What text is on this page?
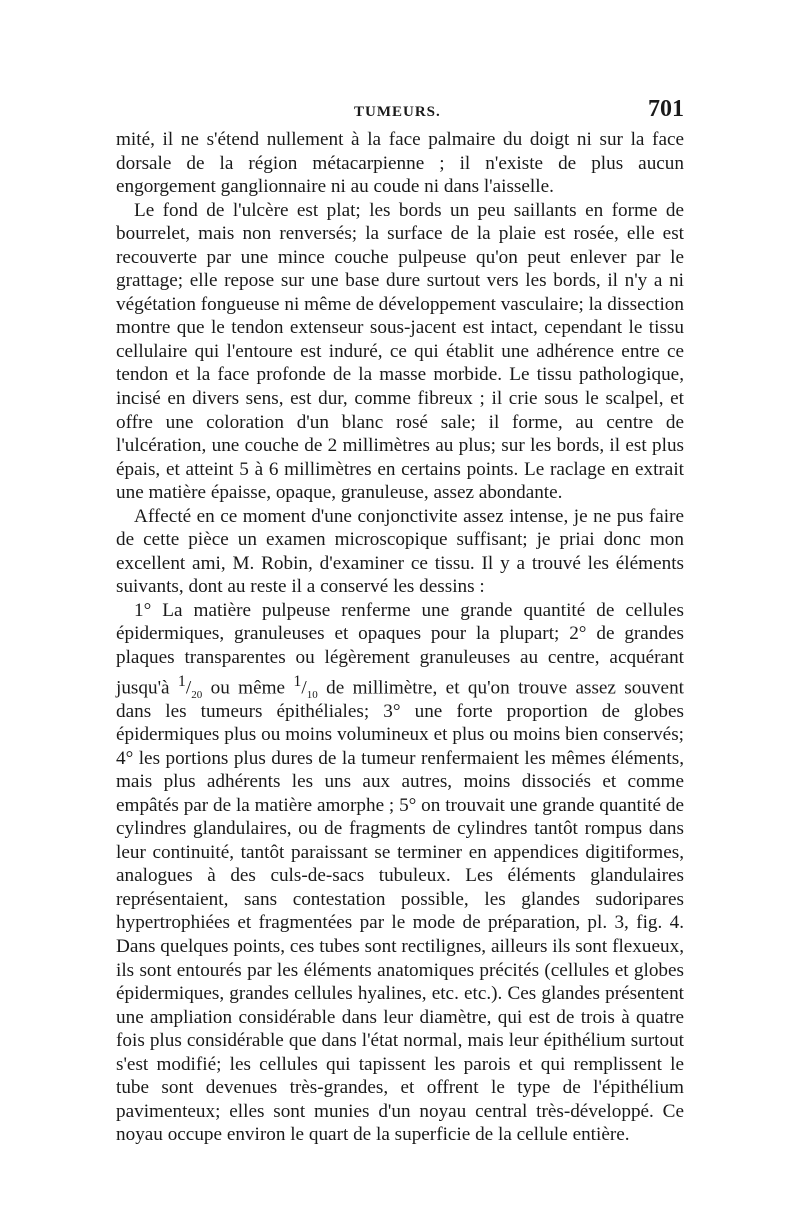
TUMEURS.	701

mité, il ne s'étend nullement à la face palmaire du doigt ni sur la face dorsale de la région métacarpienne ; il n'existe de plus aucun engorgement ganglionnaire ni au coude ni dans l'aisselle.

Le fond de l'ulcère est plat; les bords un peu saillants en forme de bourrelet, mais non renversés; la surface de la plaie est rosée, elle est recouverte par une mince couche pulpeuse qu'on peut enlever par le grattage; elle repose sur une base dure surtout vers les bords, il n'y a ni végétation fongueuse ni même de développement vasculaire; la dissection montre que le tendon extenseur sous-jacent est intact, cependant le tissu cellulaire qui l'entoure est induré, ce qui établit une adhérence entre ce tendon et la face profonde de la masse morbide. Le tissu pathologique, incisé en divers sens, est dur, comme fibreux ; il crie sous le scalpel, et offre une coloration d'un blanc rosé sale; il forme, au centre de l'ulcération, une couche de 2 millimètres au plus; sur les bords, il est plus épais, et atteint 5 à 6 millimètres en certains points. Le raclage en extrait une matière épaisse, opaque, granuleuse, assez abondante.

Affecté en ce moment d'une conjonctivite assez intense, je ne pus faire de cette pièce un examen microscopique suffisant; je priai donc mon excellent ami, M. Robin, d'examiner ce tissu. Il y a trouvé les éléments suivants, dont au reste il a conservé les dessins :

1° La matière pulpeuse renferme une grande quantité de cellules épidermiques, granuleuses et opaques pour la plupart; 2° de grandes plaques transparentes ou légèrement granuleuses au centre, acquérant jusqu'à $^1/_{20}$ ou même $^1/_{10}$ de millimètre, et qu'on trouve assez souvent dans les tumeurs épithéliales; 3° une forte proportion de globes épidermiques plus ou moins volumineux et plus ou moins bien conservés; 4° les portions plus dures de la tumeur renfermaient les mêmes éléments, mais plus adhérents les uns aux autres, moins dissociés et comme empâtés par de la matière amorphe ; 5° on trouvait une grande quantité de cylindres glandulaires, ou de fragments de cylindres tantôt rompus dans leur continuité, tantôt paraissant se terminer en appendices digitiformes, analogues à des culs-de-sacs tubuleux. Les éléments glandulaires représentaient, sans contestation possible, les glandes sudoripares hypertrophiées et fragmentées par le mode de préparation, pl. 3, fig. 4. Dans quelques points, ces tubes sont rectilignes, ailleurs ils sont flexueux, ils sont entourés par les éléments anatomiques précités (cellules et globes épidermiques, grandes cellules hyalines, etc. etc.). Ces glandes présentent une ampliation considérable dans leur diamètre, qui est de trois à quatre fois plus considérable que dans l'état normal, mais leur épithélium surtout s'est modifié; les cellules qui tapissent les parois et qui remplissent le tube sont devenues très-grandes, et offrent le type de l'épithélium pavimenteux; elles sont munies d'un noyau central très-développé. Ce noyau occupe environ le quart de la superficie de la cellule entière.
